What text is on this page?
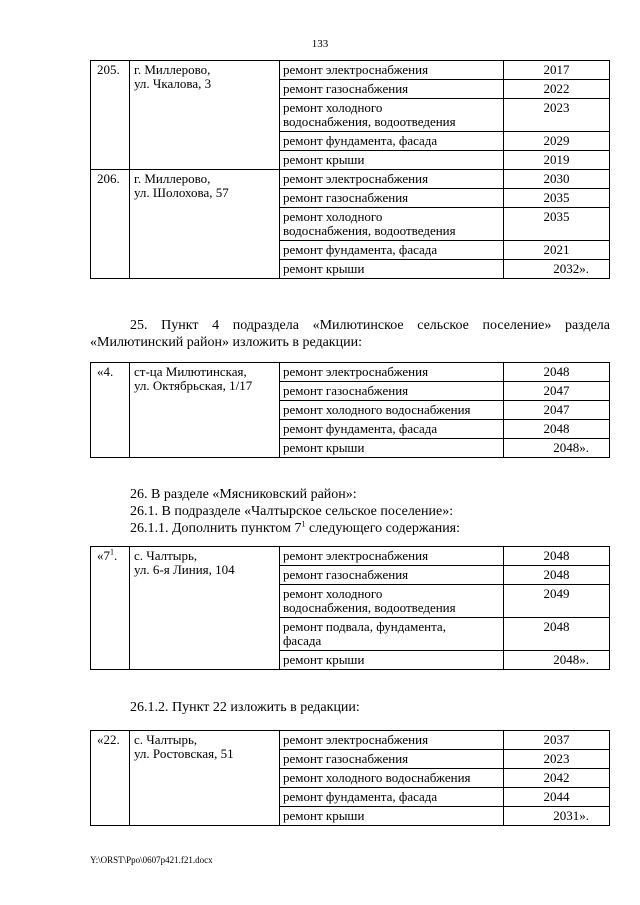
133
205.	г. Миллерово,
ул. Чкалова, 3	ремонт электроснабжения	2017
		ремонт газоснабжения	2022
		ремонт холодного
водоснабжения, водоотведения	2023
		ремонт фундамента, фасада	2029
		ремонт крыши	2019
206.	г. Миллерово,
ул. Шолохова, 57	ремонт электроснабжения	2030
		ремонт газоснабжения	2035
		ремонт холодного
водоснабжения, водоотведения	2035
		ремонт фундамента, фасада	2021
		ремонт крыши	2032».
25. Пункт 4 подраздела «Милютинское сельское поселение» раздела
«Милютинский район» изложить в редакции:
«4.	ст-ца Милютинская,
ул. Октябрьская, 1/17	ремонт электроснабжения	2048
		ремонт газоснабжения	2047
		ремонт холодного водоснабжения	2047
		ремонт фундамента, фасада	2048
		ремонт крыши	2048».
26. В разделе «Мясниковский район»:
26.1. В подразделе «Чалтырское сельское поселение»:
26.1.1. Дополнить пунктом $7^1$ следующего содержания:
«$7^1$.	с. Чалтырь,
ул. 6-я Линия, 104	ремонт электроснабжения	2048
		ремонт газоснабжения	2048
		ремонт холодного
водоснабжения, водоотведения	2049
		ремонт подвала, фундамента,
фасада	2048
		ремонт крыши	2048».
26.1.2. Пункт 22 изложить в редакции:
«22.	с. Чалтырь,
ул. Ростовская, 51	ремонт электроснабжения	2037
		ремонт газоснабжения	2023
		ремонт холодного водоснабжения	2042
		ремонт фундамента, фасада	2044
		ремонт крыши	2031».
Y:\ORST\Ppo\0607p421.f21.docx
